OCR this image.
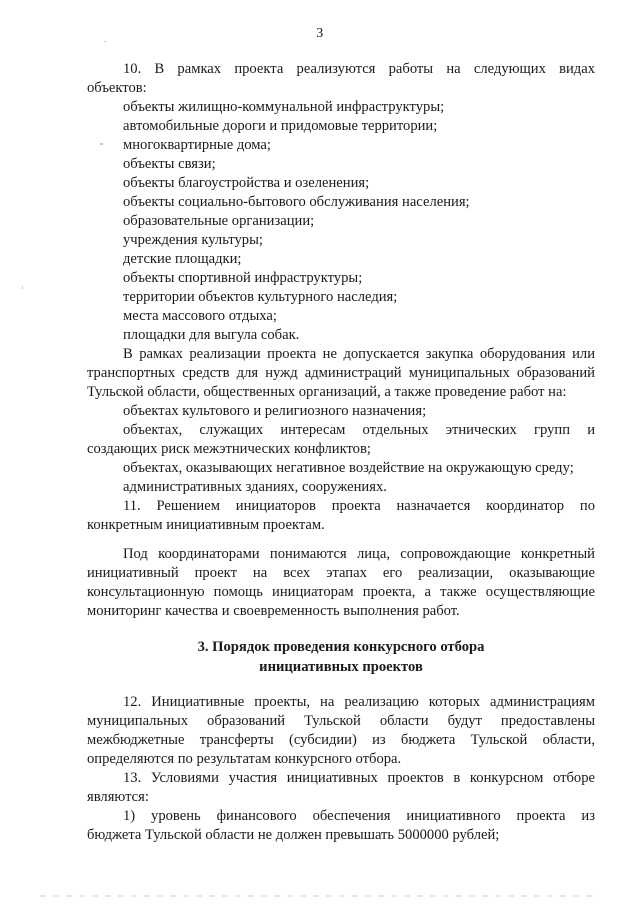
3
10. В рамках проекта реализуются работы на следующих видах
объектов:
объекты жилищно-коммунальной инфраструктуры;
автомобильные дороги и придомовые территории;
многоквартирные дома;
объекты связи;
объекты благоустройства и озеленения;
объекты социально-бытового обслуживания населения;
образовательные организации;
учреждения культуры;
детские площадки;
объекты спортивной инфраструктуры;
территории объектов культурного наследия;
места массового отдыха;
площадки для выгула собак.
В рамках реализации проекта не допускается закупка оборудования или
транспортных средств для нужд администраций муниципальных образований
Тульской области, общественных организаций, а также проведение работ на:
объектах культового и религиозного назначения;
объектах, служащих интересам отдельных этнических групп и
создающих риск межэтнических конфликтов;
объектах, оказывающих негативное воздействие на окружающую среду;
административных зданиях, сооружениях.
11. Решением инициаторов проекта назначается координатор по
конкретным инициативным проектам.
Под координаторами понимаются лица, сопровождающие конкретный
инициативный проект на всех этапах его реализации, оказывающие
консультационную помощь инициаторам проекта, а также осуществляющие
мониторинг качества и своевременность выполнения работ.
3. Порядок проведения конкурсного отбора
инициативных проектов
12. Инициативные проекты, на реализацию которых администрациям
муниципальных образований Тульской области будут предоставлены
межбюджетные трансферты (субсидии) из бюджета Тульской области,
определяются по результатам конкурсного отбора.
13. Условиями участия инициативных проектов в конкурсном отборе
являются:
1) уровень финансового обеспечения инициативного проекта из
бюджета Тульской области не должен превышать 5000000 рублей;
